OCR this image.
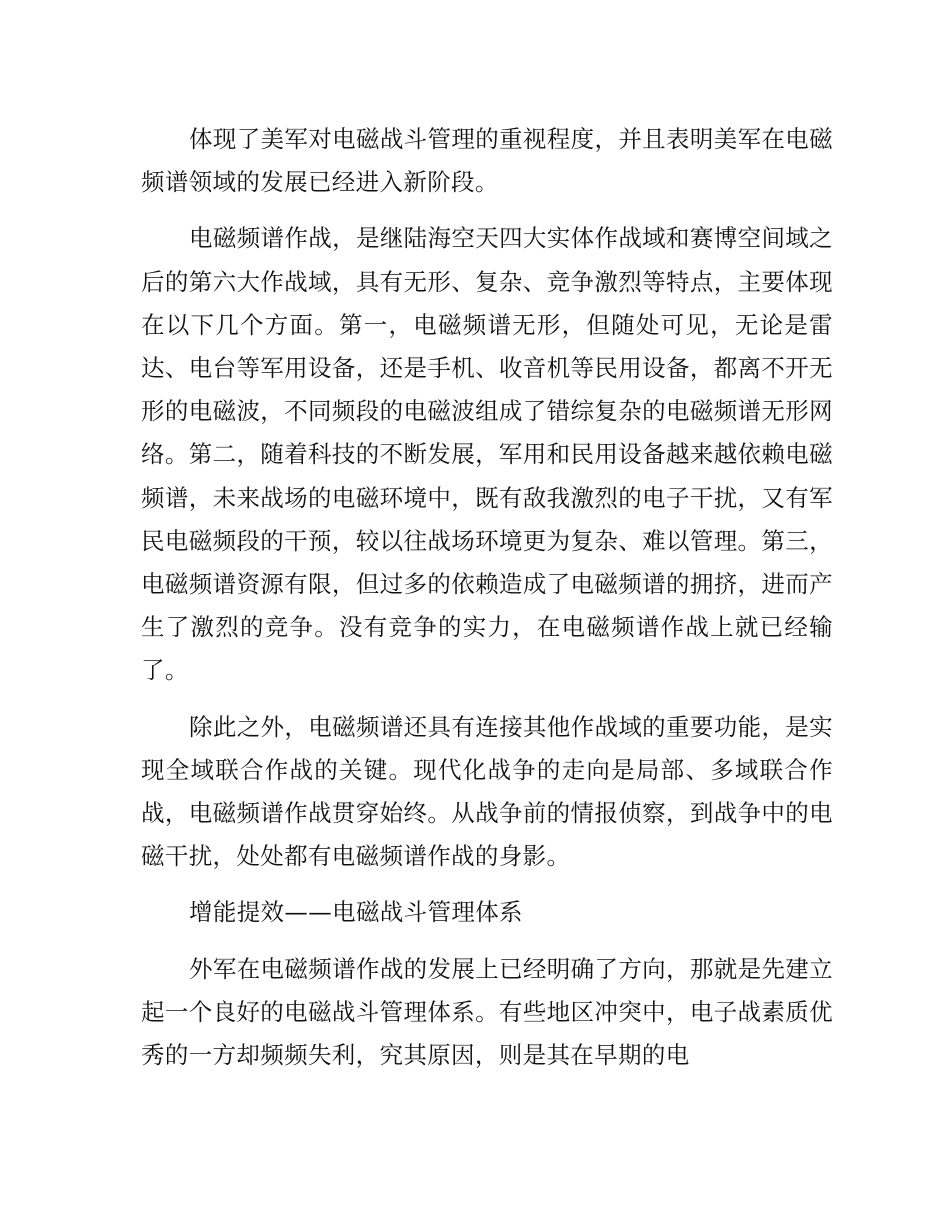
体现了美军对电磁战斗管理的重视程度，并且表明美军在电磁频谱领域的发展已经进入新阶段。

电磁频谱作战，是继陆海空天四大实体作战域和赛博空间域之后的第六大作战域，具有无形、复杂、竞争激烈等特点，主要体现在以下几个方面。第一，电磁频谱无形，但随处可见，无论是雷达、电台等军用设备，还是手机、收音机等民用设备，都离不开无形的电磁波，不同频段的电磁波组成了错综复杂的电磁频谱无形网络。第二，随着科技的不断发展，军用和民用设备越来越依赖电磁频谱，未来战场的电磁环境中，既有敌我激烈的电子干扰，又有军民电磁频段的干预，较以往战场环境更为复杂、难以管理。第三，电磁频谱资源有限，但过多的依赖造成了电磁频谱的拥挤，进而产生了激烈的竞争。没有竞争的实力，在电磁频谱作战上就已经输了。

除此之外，电磁频谱还具有连接其他作战域的重要功能，是实现全域联合作战的关键。现代化战争的走向是局部、多域联合作战，电磁频谱作战贯穿始终。从战争前的情报侦察，到战争中的电磁干扰，处处都有电磁频谱作战的身影。

增能提效——电磁战斗管理体系

外军在电磁频谱作战的发展上已经明确了方向，那就是先建立起一个良好的电磁战斗管理体系。有些地区冲突中，电子战素质优秀的一方却频频失利，究其原因，则是其在早期的电
